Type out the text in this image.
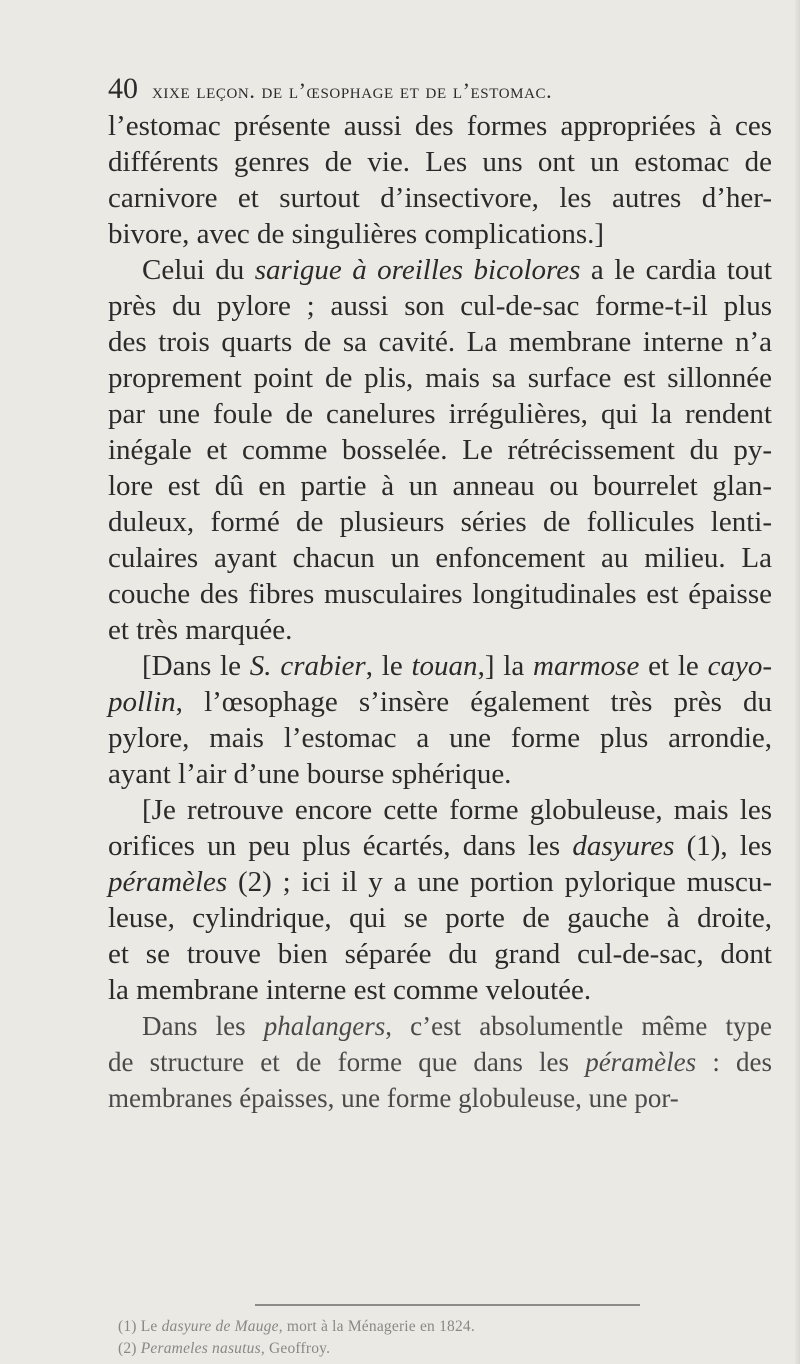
40 xixe leçon. de l’œsophage et de l’estomac.
l’estomac présente aussi des formes appropriées à ces
différents genres de vie. Les uns ont un estomac de
carnivore et surtout d’insectivore, les autres d’her-
bivore, avec de singulières complications.]
Celui du sarigue à oreilles bicolores a le cardia tout
près du pylore ; aussi son cul-de-sac forme-t-il plus
des trois quarts de sa cavité. La membrane interne n’a
proprement point de plis, mais sa surface est sillonnée
par une foule de canelures irrégulières, qui la rendent
inégale et comme bosselée. Le rétrécissement du py-
lore est dû en partie à un anneau ou bourrelet glan-
duleux, formé de plusieurs séries de follicules lenti-
culaires ayant chacun un enfoncement au milieu. La
couche des fibres musculaires longitudinales est épaisse
et très marquée.
[Dans le S. crabier, le touan,] la marmose et le cayo-
pollin, l’œsophage s’insère également très près du
pylore, mais l’estomac a une forme plus arrondie,
ayant l’air d’une bourse sphérique.
[Je retrouve encore cette forme globuleuse, mais les
orifices un peu plus écartés, dans les dasyures (1), les
péramèles (2) ; ici il y a une portion pylorique muscu-
leuse, cylindrique, qui se porte de gauche à droite,
et se trouve bien séparée du grand cul-de-sac, dont
la membrane interne est comme veloutée.
Dans les phalangers, c’est absolumentle même type
de structure et de forme que dans les péramèles : des
membranes épaisses, une forme globuleuse, une por-
(1) Le dasyure de Mauge, mort à la Ménagerie en 1824.
(2) Perameles nasutus, Geoffroy.
